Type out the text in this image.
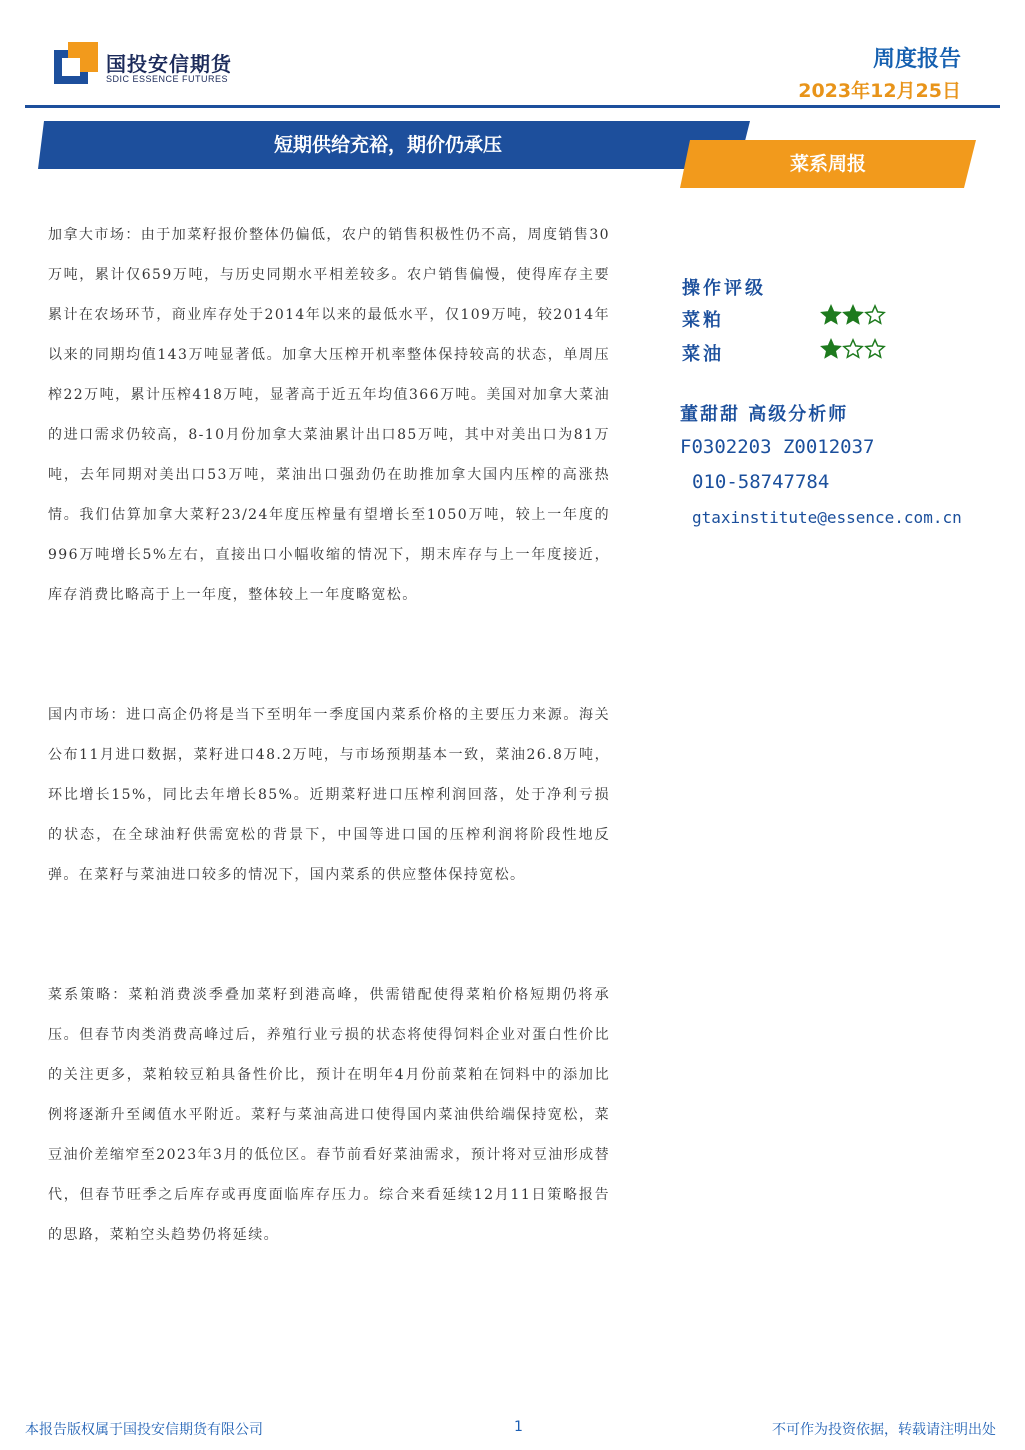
国投安信期货
SDIC ESSENCE FUTURES
周度报告
2023年12月25日
短期供给充裕，期价仍承压
菜系周报
加拿大市场：由于加菜籽报价整体仍偏低，农户的销售积极性仍不高，周度销售30万吨，累计仅659万吨，与历史同期水平相差较多。农户销售偏慢，使得库存主要累计在农场环节，商业库存处于2014年以来的最低水平，仅109万吨，较2014年以来的同期均值143万吨显著低。加拿大压榨开机率整体保持较高的状态，单周压榨22万吨，累计压榨418万吨，显著高于近五年均值366万吨。美国对加拿大菜油的进口需求仍较高，8-10月份加拿大菜油累计出口85万吨，其中对美出口为81万吨，去年同期对美出口53万吨，菜油出口强劲仍在助推加拿大国内压榨的高涨热情。我们估算加拿大菜籽23/24年度压榨量有望增长至1050万吨，较上一年度的996万吨增长5%左右，直接出口小幅收缩的情况下，期末库存与上一年度接近，库存消费比略高于上一年度，整体较上一年度略宽松。
国内市场：进口高企仍将是当下至明年一季度国内菜系价格的主要压力来源。海关公布11月进口数据，菜籽进口48.2万吨，与市场预期基本一致，菜油26.8万吨，环比增长15%，同比去年增长85%。近期菜籽进口压榨利润回落，处于净利亏损的状态，在全球油籽供需宽松的背景下，中国等进口国的压榨利润将阶段性地反弹。在菜籽与菜油进口较多的情况下，国内菜系的供应整体保持宽松。
菜系策略：菜粕消费淡季叠加菜籽到港高峰，供需错配使得菜粕价格短期仍将承压。但春节肉类消费高峰过后，养殖行业亏损的状态将使得饲料企业对蛋白性价比的关注更多，菜粕较豆粕具备性价比，预计在明年4月份前菜粕在饲料中的添加比例将逐渐升至阈值水平附近。菜籽与菜油高进口使得国内菜油供给端保持宽松，菜豆油价差缩窄至2023年3月的低位区。春节前看好菜油需求，预计将对豆油形成替代，但春节旺季之后库存或再度面临库存压力。综合来看延续12月11日策略报告的思路，菜粕空头趋势仍将延续。
操作评级
菜粕
菜油
董甜甜 高级分析师
F0302203 Z0012037
010-58747784
gtaxinstitute@essence.com.cn
本报告版权属于国投安信期货有限公司	1	不可作为投资依据，转载请注明出处
